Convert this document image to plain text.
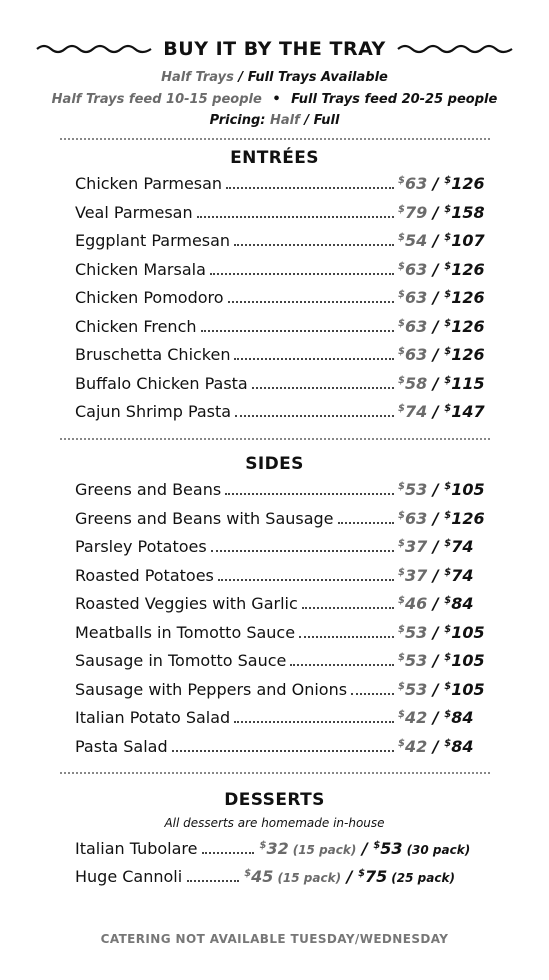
BUY IT BY THE TRAY
Half Trays / Full Trays Available
Half Trays feed 10-15 people • Full Trays feed 20-25 people
Pricing: Half / Full
ENTRÉES
Chicken Parmesan	$63 / $126
Veal Parmesan	$79 / $158
Eggplant Parmesan	$54 / $107
Chicken Marsala	$63 / $126
Chicken Pomodoro	$63 / $126
Chicken French	$63 / $126
Bruschetta Chicken	$63 / $126
Buffalo Chicken Pasta	$58 / $115
Cajun Shrimp Pasta	$74 / $147
SIDES
Greens and Beans	$53 / $105
Greens and Beans with Sausage	$63 / $126
Parsley Potatoes	$37 / $74
Roasted Potatoes	$37 / $74
Roasted Veggies with Garlic	$46 / $84
Meatballs in Tomotto Sauce	$53 / $105
Sausage in Tomotto Sauce	$53 / $105
Sausage with Peppers and Onions	$53 / $105
Italian Potato Salad	$42 / $84
Pasta Salad	$42 / $84
DESSERTS
All desserts are homemade in-house
Italian Tubolare	$32 (15 pack) / $53 (30 pack)
Huge Cannoli	$45 (15 pack) / $75 (25 pack)
CATERING NOT AVAILABLE TUESDAY/WEDNESDAY
